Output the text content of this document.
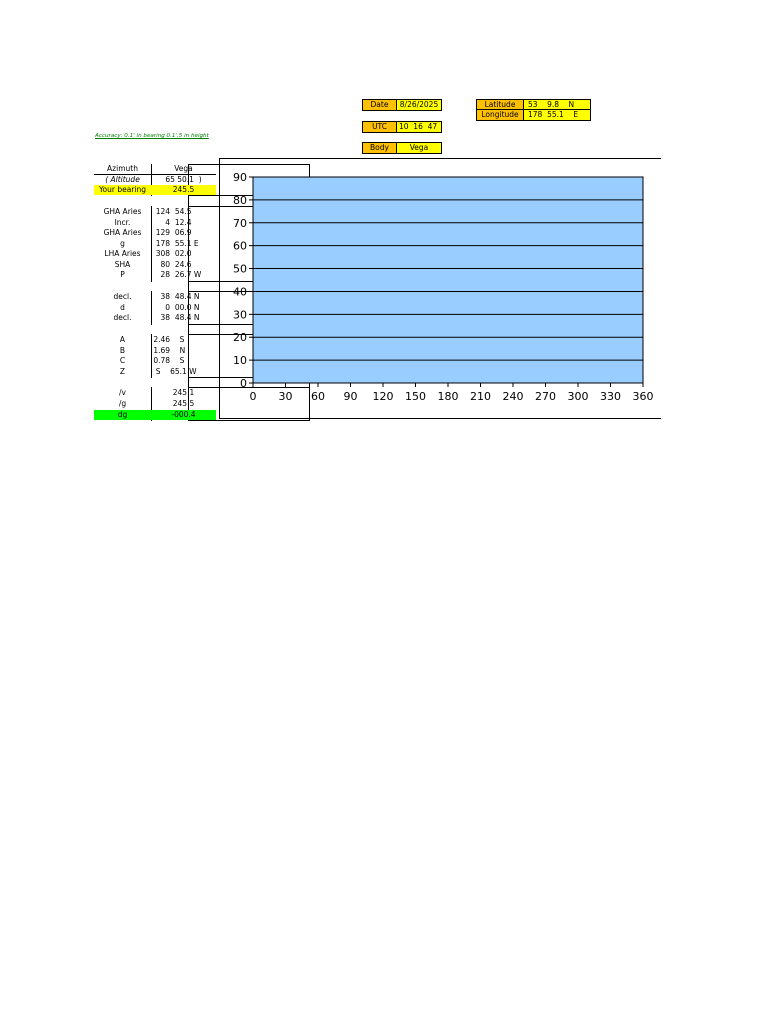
Date	8/26/2025
UTC	10  16  47
Body	Vega
Latitude	53    9.8    N
Longitude	178  55.1    E
Accuracy: 0.1' in bearing 0.1'.5 in height
Azimuth	Vega
( Altitude	65 50.1  )
Your bearing	245.5
GHA Aries	124  54.5
Incr.	4  12.4
GHA Aries	129  06.9
g	178  55.1 E
LHA Aries	308  02.0
SHA	80  24.6
P	28  26.7 W
decl.	38  48.4 N
d	0  00.0 N
decl.	38  48.4 N
A	2.46    S
B	1.69    N
C	0.78    S
Z	S    65.1 W
/v	245.1
/g	245.5
dg	-000.4
0
10
20
30
40
50
60
70
80
90
0 30 60 90 120 150 180 210 240 270 300 330 360
